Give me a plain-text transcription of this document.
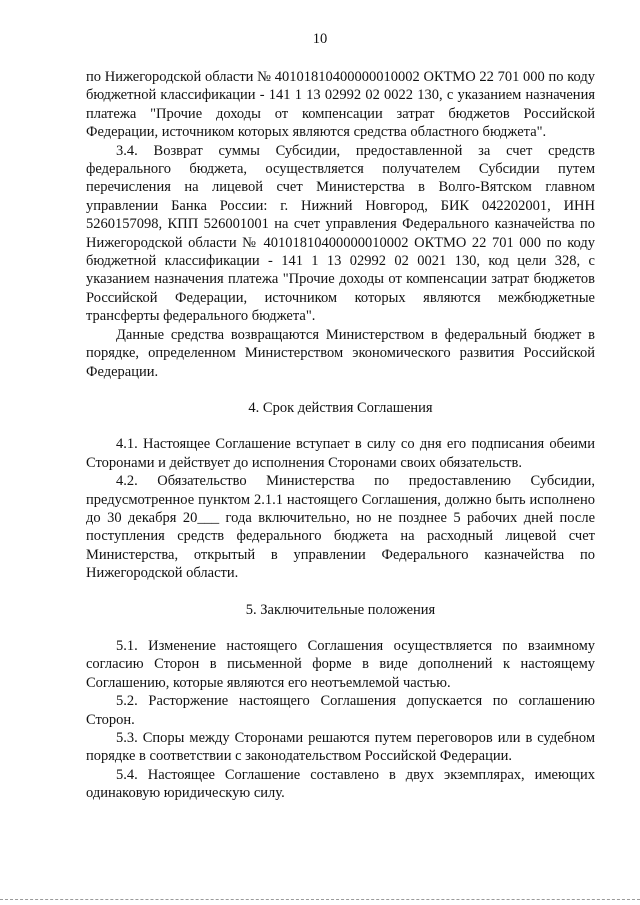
10

по Нижегородской области № 40101810400000010002 ОКТМО 22 701 000 по коду бюджетной классификации - 141 1 13 02992 02 0022 130, с указанием назначения платежа "Прочие доходы от компенсации затрат бюджетов Российской Федерации, источником которых являются средства областного бюджета".

3.4. Возврат суммы Субсидии, предоставленной за счет средств федерального бюджета, осуществляется получателем Субсидии путем перечисления на лицевой счет Министерства в Волго-Вятском главном управлении Банка России: г. Нижний Новгород, БИК 042202001, ИНН 5260157098, КПП 526001001 на счет управления Федерального казначейства по Нижегородской области № 40101810400000010002 ОКТМО 22 701 000 по коду бюджетной классификации - 141 1 13 02992 02 0021 130, код цели 328, с указанием назначения платежа "Прочие доходы от компенсации затрат бюджетов Российской Федерации, источником которых являются межбюджетные трансферты федерального бюджета".

Данные средства возвращаются Министерством в федеральный бюджет в порядке, определенном Министерством экономического развития Российской Федерации.

4. Срок действия Соглашения

4.1. Настоящее Соглашение вступает в силу со дня его подписания обеими Сторонами и действует до исполнения Сторонами своих обязательств.

4.2. Обязательство Министерства по предоставлению Субсидии, предусмотренное пунктом 2.1.1 настоящего Соглашения, должно быть исполнено до 30 декабря 20___ года включительно, но не позднее 5 рабочих дней после поступления средств федерального бюджета на расходный лицевой счет Министерства, открытый в управлении Федерального казначейства по Нижегородской области.

5. Заключительные положения

5.1. Изменение настоящего Соглашения осуществляется по взаимному согласию Сторон в письменной форме в виде дополнений к настоящему Соглашению, которые являются его неотъемлемой частью.

5.2. Расторжение настоящего Соглашения допускается по соглашению Сторон.

5.3. Споры между Сторонами решаются путем переговоров или в судебном порядке в соответствии с законодательством Российской Федерации.

5.4. Настоящее Соглашение составлено в двух экземплярах, имеющих одинаковую юридическую силу.
